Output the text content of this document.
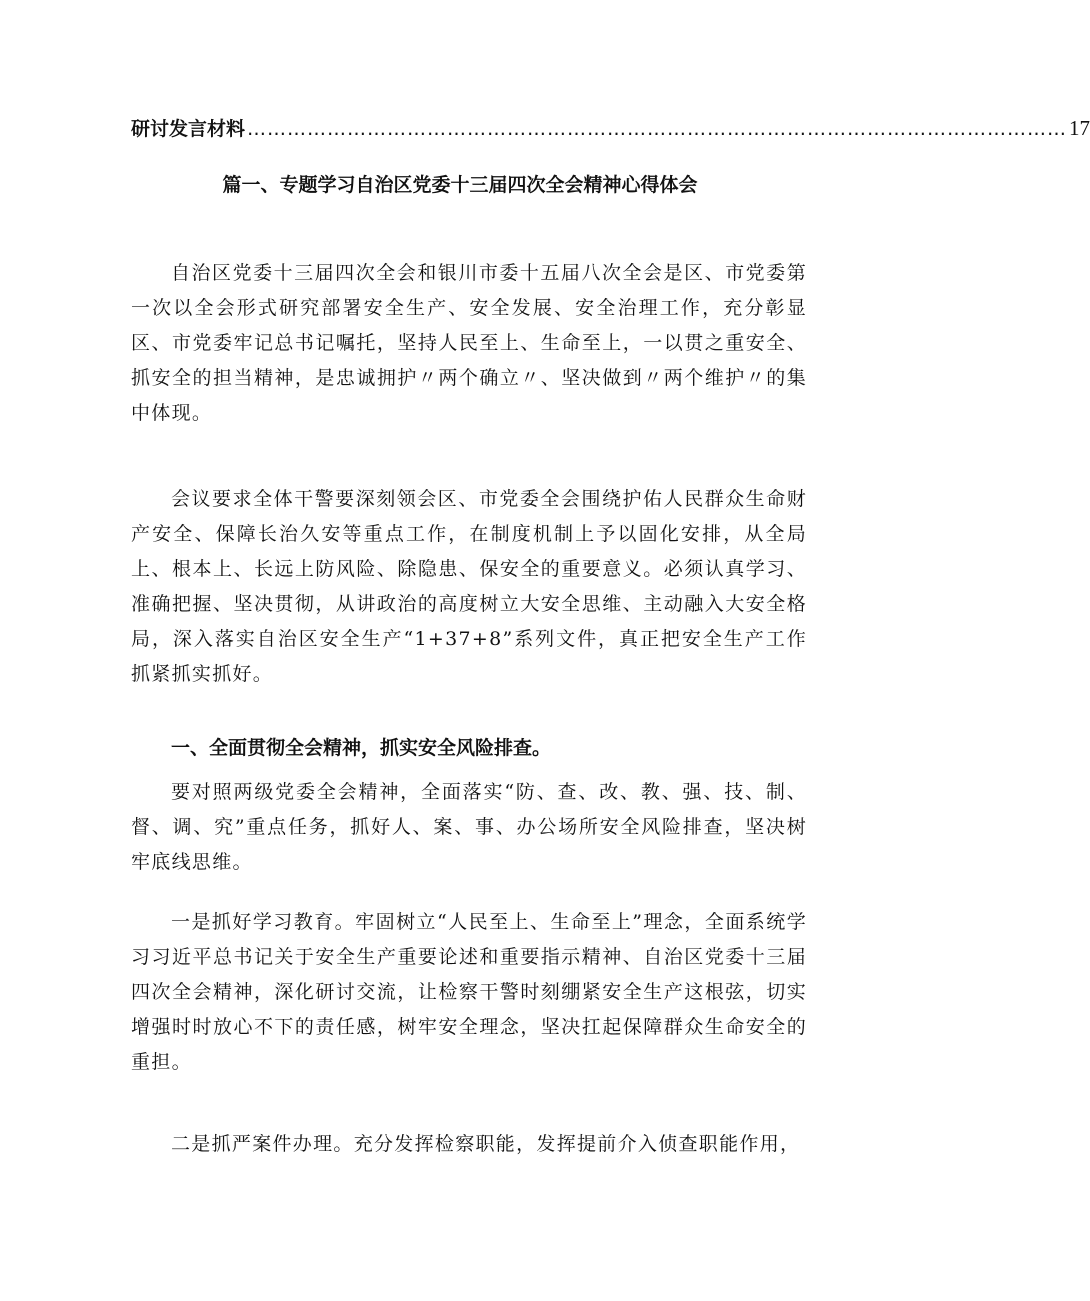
研讨发言材料 …………………………………………………………………………………………………………… 17
篇一、专题学习自治区党委十三届四次全会精神心得体会

自治区党委十三届四次全会和银川市委十五届八次全会是区、市党委第一次以全会形式研究部署安全生产、安全发展、安全治理工作，充分彰显区、市党委牢记总书记嘱托，坚持人民至上、生命至上，一以贯之重安全、抓安全的担当精神，是忠诚拥护〃两个确立〃、坚决做到〃两个维护〃的集中体现。

会议要求全体干警要深刻领会区、市党委全会围绕护佑人民群众生命财产安全、保障长治久安等重点工作，在制度机制上予以固化安排，从全局上、根本上、长远上防风险、除隐患、保安全的重要意义。必须认真学习、准确把握、坚决贯彻，从讲政治的高度树立大安全思维、主动融入大安全格局，深入落实自治区安全生产“1+37+8”系列文件，真正把安全生产工作抓紧抓实抓好。

一、全面贯彻全会精神，抓实安全风险排查。

要对照两级党委全会精神，全面落实“防、查、改、教、强、技、制、督、调、究”重点任务，抓好人、案、事、办公场所安全风险排查，坚决树牢底线思维。

一是抓好学习教育。牢固树立“人民至上、生命至上”理念，全面系统学习习近平总书记关于安全生产重要论述和重要指示精神、自治区党委十三届四次全会精神，深化研讨交流，让检察干警时刻绷紧安全生产这根弦，切实增强时时放心不下的责任感，树牢安全理念，坚决扛起保障群众生命安全的重担。

二是抓严案件办理。充分发挥检察职能，发挥提前介入侦查职能作用，
